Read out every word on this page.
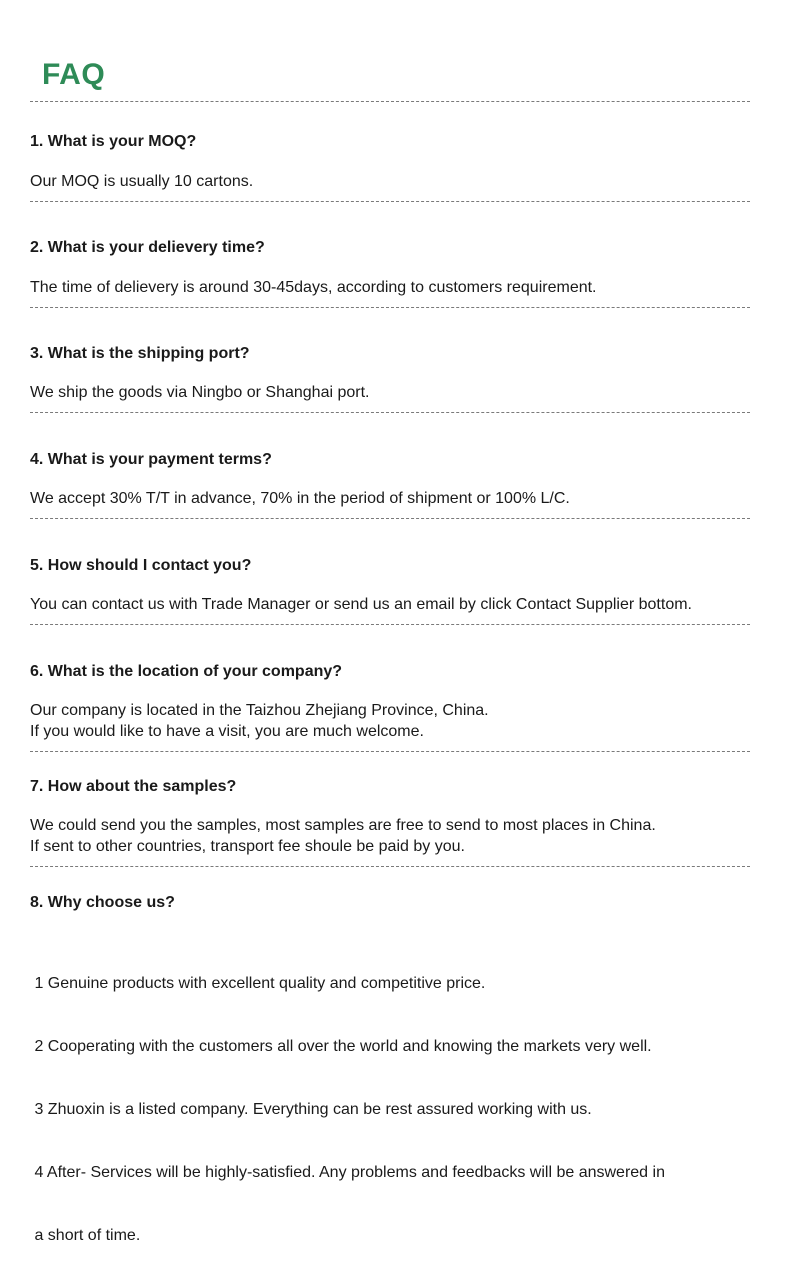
FAQ
1. What is your MOQ?
Our MOQ is usually 10 cartons.
2. What is your delievery time?
The time of delievery is around 30-45days, according to customers requirement.
3. What is the shipping port?
We ship the goods via Ningbo or Shanghai port.
4. What is your payment terms?
We accept 30% T/T in advance, 70% in the period of shipment or 100% L/C.
5. How should I contact you?
You can contact us with Trade Manager or send us an email by click Contact Supplier bottom.
6. What is the location of your company?
Our company is located in the Taizhou Zhejiang Province, China.
If you would like to have a visit, you are much welcome.
7. How about the samples?
We could send you the samples, most samples are free to send to most places in China.
If sent to other countries, transport fee shoule be paid by you.
8. Why choose us?

1 Genuine products with excellent quality and competitive price.

2 Cooperating with the customers all over the world and knowing the markets very well.

3 Zhuoxin is a listed company. Everything can be rest assured working with us.

4 After- Services will be highly-satisfied. Any problems and feedbacks will be answered in

a short of time.
